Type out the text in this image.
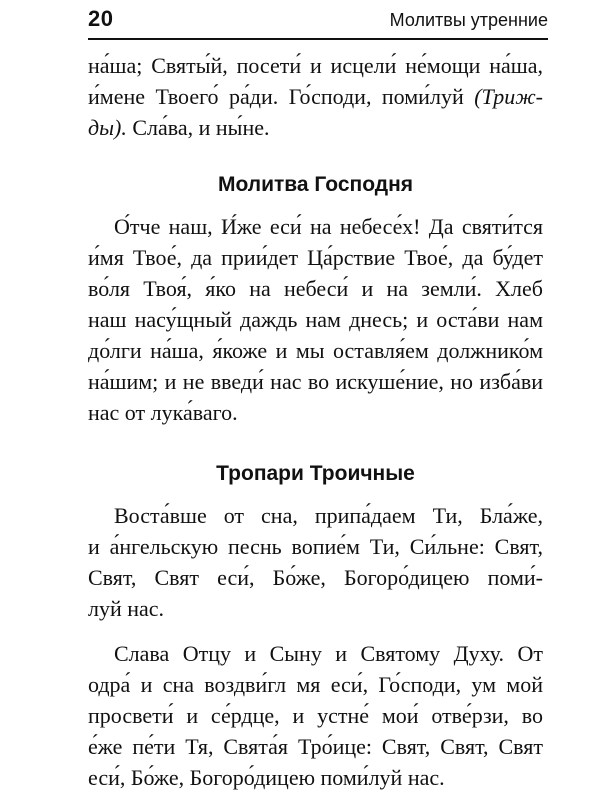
20	Молитвы утренние

на́ша; Святы́й, посети́ и исцели́ не́мощи на́ша,
и́мене Твоего́ ра́ди. Го́споди, поми́луй (Триж-
ды). Сла́ва, и ны́не.

Молитва Господня

О́тче наш, И́же еси́ на небесе́х! Да святи́тся
и́мя Твое́, да прии́дет Ца́рствие Твое́, да бу́дет
во́ля Твоя́, я́ко на небеси́ и на земли́. Хлеб
наш насу́щный даждь нам днесь; и оста́ви нам
до́лги на́ша, я́коже и мы оставля́ем должнико́м
на́шим; и не введи́ нас во искуше́ние, но изба́ви
нас от лука́ваго.

Тропари Троичные

Воста́вше от сна, припа́даем Ти, Бла́же,
и а́нгельскую песнь вопие́м Ти, Си́льне: Свят,
Свят, Свят еси́, Бо́же, Богоро́дицею поми́-
луй нас.

Слава Отцу и Сыну и Святому Духу. От
одра́ и сна воздви́гл мя еси́, Го́споди, ум мой
просвети́ и се́рдце, и устне́ мои́ отве́рзи, во
е́же пе́ти Тя, Свята́я Тро́ице: Свят, Свят, Свят
еси́, Бо́же, Богоро́дицею поми́луй нас.
